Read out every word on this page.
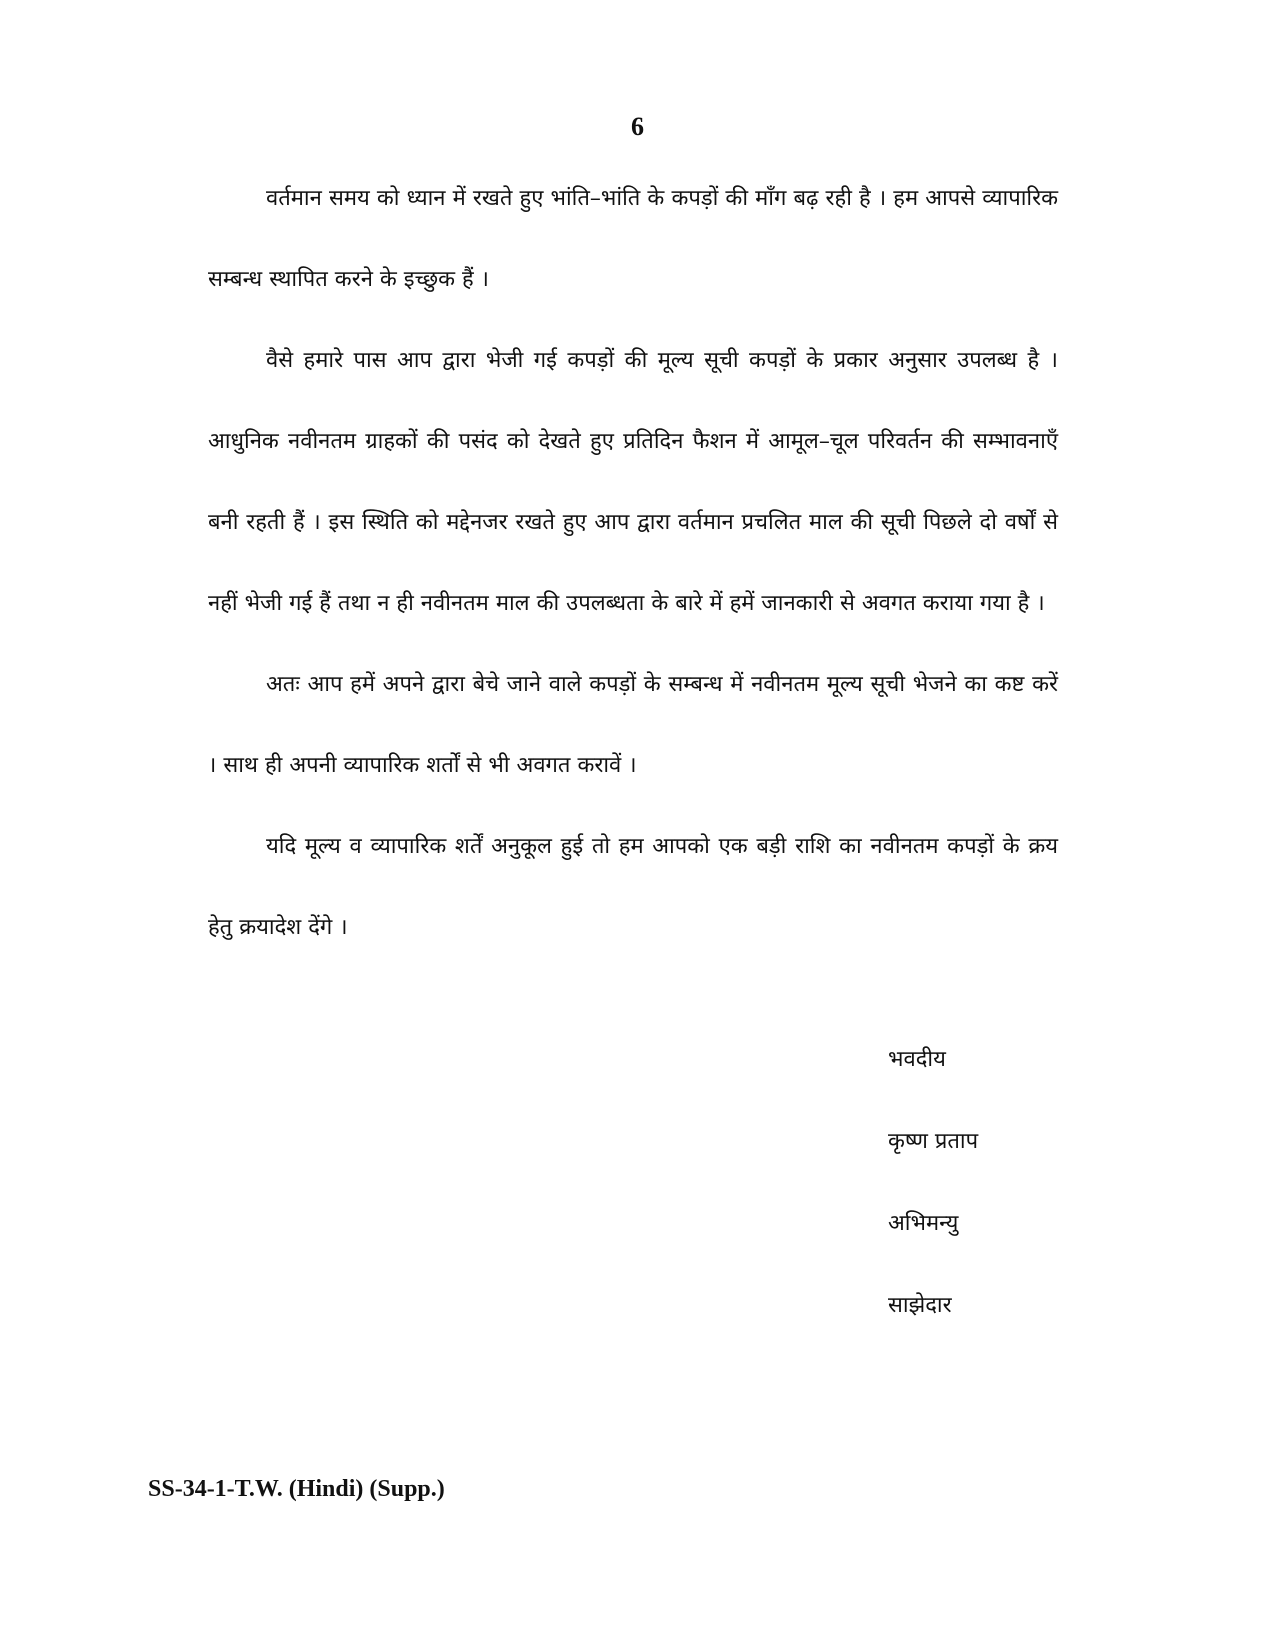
6

वर्तमान समय को ध्यान में रखते हुए भांति–भांति के कपड़ों की माँग बढ़ रही है । हम आपसे व्यापारिक सम्बन्ध स्थापित करने के इच्छुक हैं ।

वैसे हमारे पास आप द्वारा भेजी गई कपड़ों की मूल्य सूची कपड़ों के प्रकार अनुसार उपलब्ध है । आधुनिक नवीनतम ग्राहकों की पसंद को देखते हुए प्रतिदिन फैशन में आमूल–चूल परिवर्तन की सम्भावनाएँ बनी रहती हैं । इस स्थिति को मद्देनजर रखते हुए आप द्वारा वर्तमान प्रचलित माल की सूची पिछले दो वर्षों से नहीं भेजी गई हैं तथा न ही नवीनतम माल की उपलब्धता के बारे में हमें जानकारी से अवगत कराया गया है ।

अतः आप हमें अपने द्वारा बेचे जाने वाले कपड़ों के सम्बन्ध में नवीनतम मूल्य सूची भेजने का कष्ट करें । साथ ही अपनी व्यापारिक शर्तों से भी अवगत करावें ।

यदि मूल्य व व्यापारिक शर्तें अनुकूल हुई तो हम आपको एक बड़ी राशि का नवीनतम कपड़ों के क्रय हेतु क्रयादेश देंगे ।

भवदीय
कृष्ण प्रताप
अभिमन्यु
साझेदार
SS-34-1-T.W. (Hindi) (Supp.)
